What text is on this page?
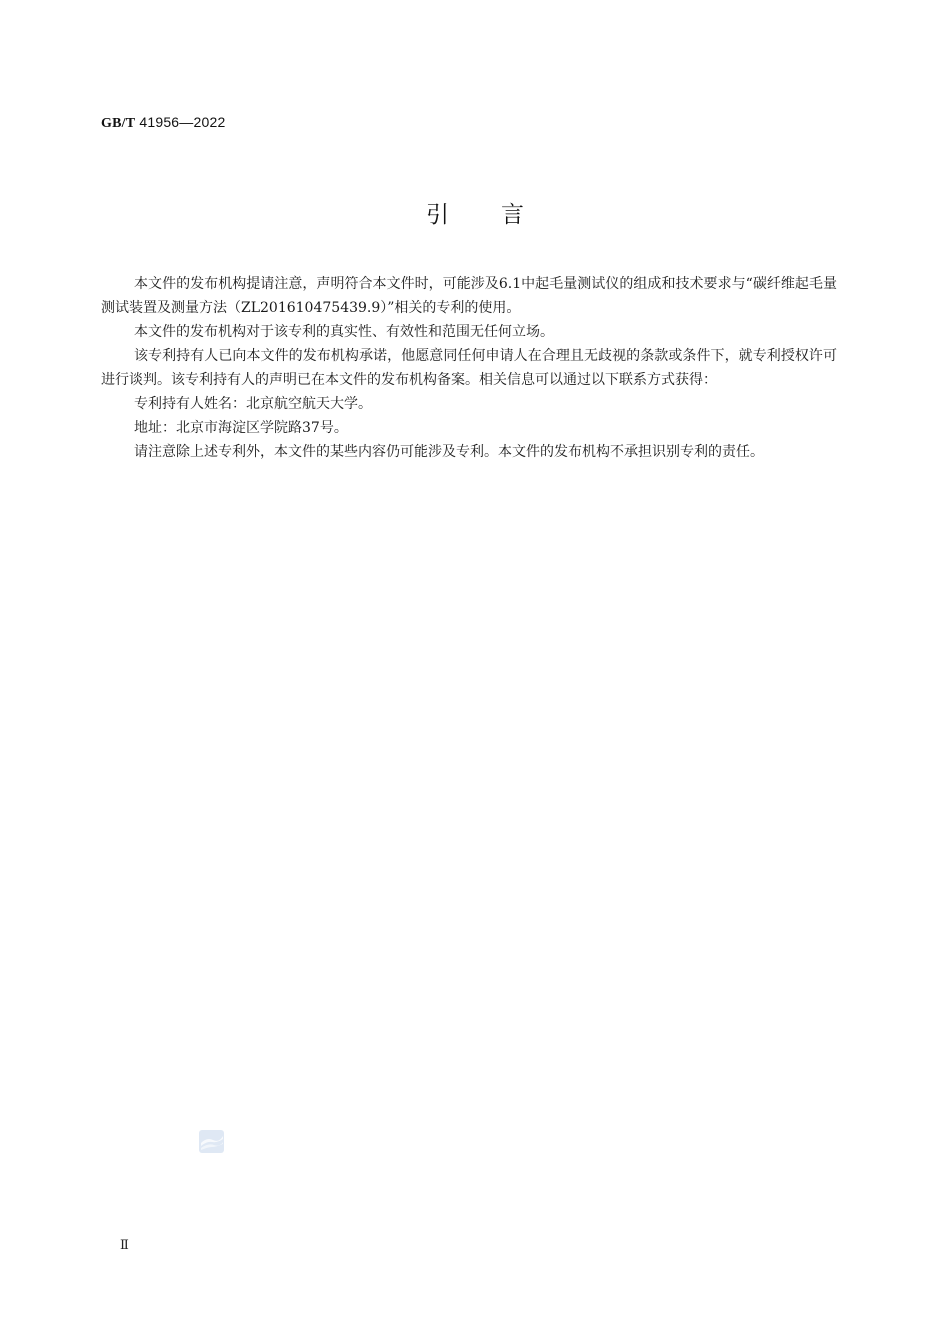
GB/T 41956—2022
引言

本文件的发布机构提请注意，声明符合本文件时，可能涉及6.1中起毛量测试仪的组成和技术要求与“碳纤维起毛量测试装置及测量方法（ZL201610475439.9）”相关的专利的使用。

本文件的发布机构对于该专利的真实性、有效性和范围无任何立场。

该专利持有人已向本文件的发布机构承诺，他愿意同任何申请人在合理且无歧视的条款或条件下，就专利授权许可进行谈判。该专利持有人的声明已在本文件的发布机构备案。相关信息可以通过以下联系方式获得：

专利持有人姓名：北京航空航天大学。

地址：北京市海淀区学院路37号。

请注意除上述专利外，本文件的某些内容仍可能涉及专利。本文件的发布机构不承担识别专利的责任。

Ⅱ
